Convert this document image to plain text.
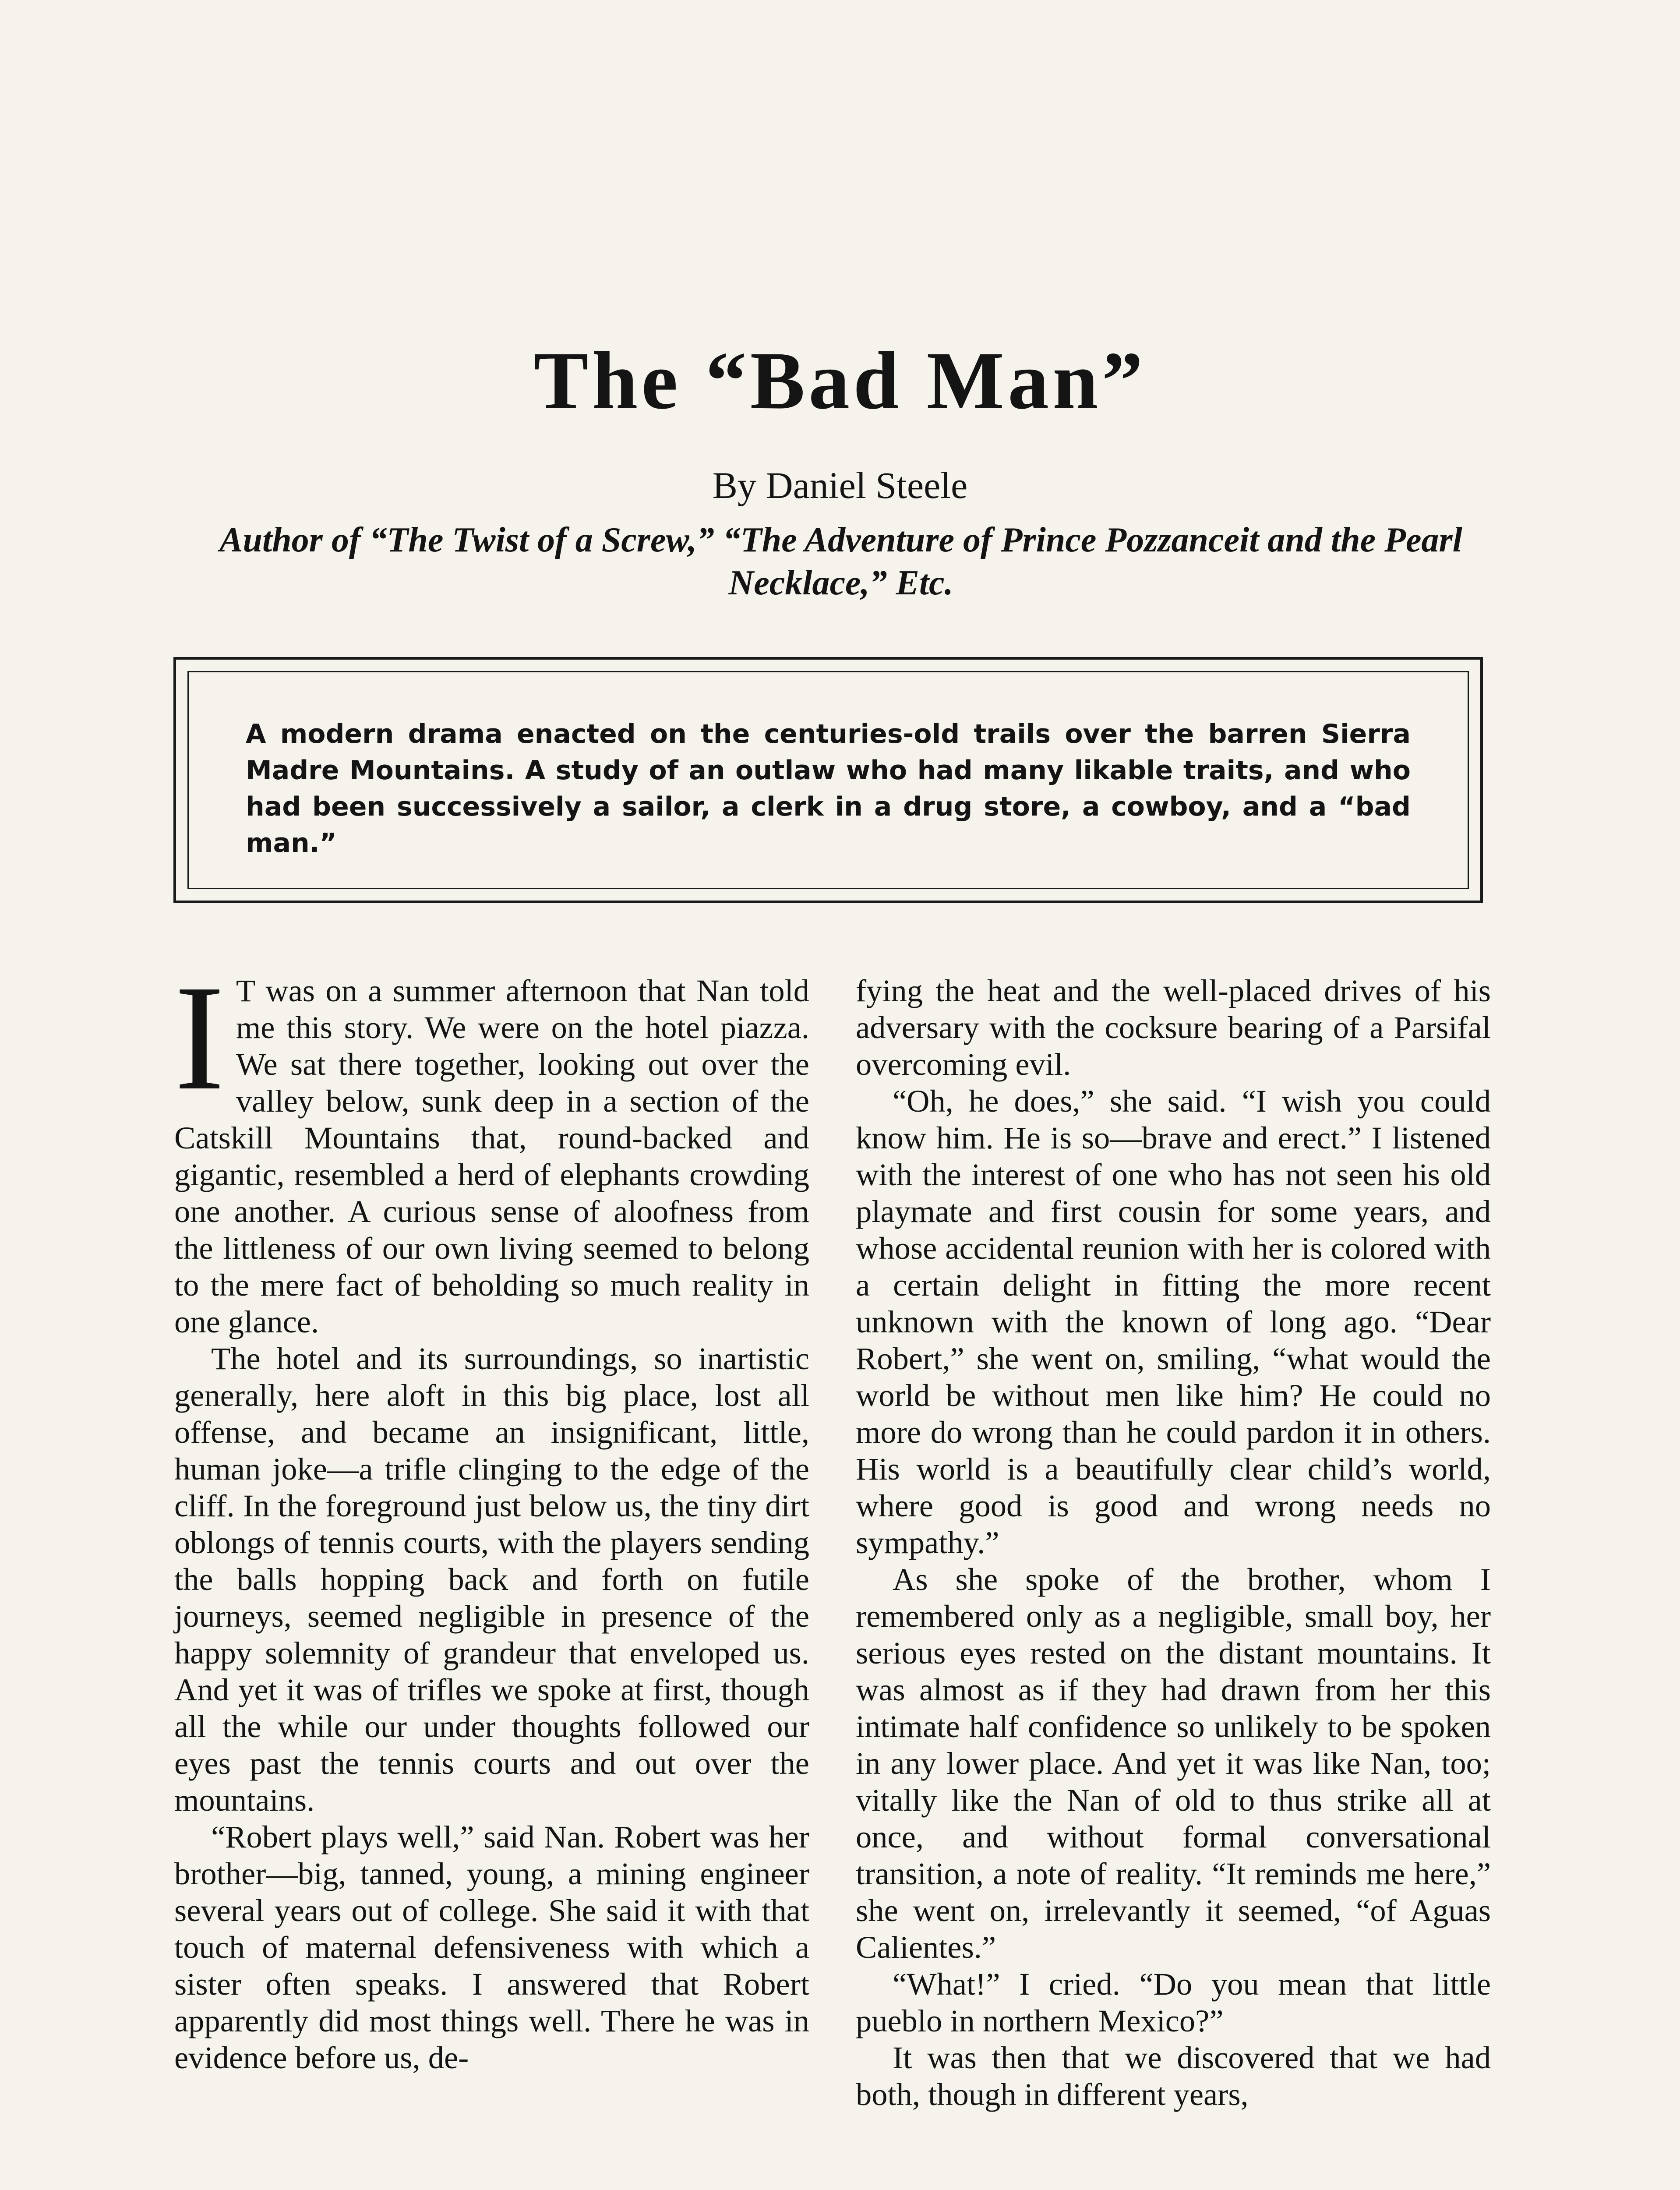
The “Bad Man”

By Daniel Steele

Author of “The Twist of a Screw,” “The Adventure of Prince Pozzanceit and the Pearl Necklace,” Etc.

A modern drama enacted on the centuries-old trails over the barren Sierra Madre Mountains. A study of an outlaw who had many likable traits, and who had been successively a sailor, a clerk in a drug store, a cowboy, and a “bad man.”

I T was on a summer afternoon that Nan told me this story. We were on the hotel piazza. We sat there together, looking out over the valley below, sunk deep in a section of the Catskill Mountains that, round-backed and gigantic, resembled a herd of elephants crowding one another. A curious sense of aloofness from the littleness of our own living seemed to belong to the mere fact of beholding so much reality in one glance.

The hotel and its surroundings, so inartistic generally, here aloft in this big place, lost all offense, and became an insignificant, little, human joke—a trifle clinging to the edge of the cliff. In the foreground just below us, the tiny dirt oblongs of tennis courts, with the players sending the balls hopping back and forth on futile journeys, seemed negligible in presence of the happy solemnity of grandeur that enveloped us. And yet it was of trifles we spoke at first, though all the while our under thoughts followed our eyes past the tennis courts and out over the mountains.

“Robert plays well,” said Nan. Robert was her brother—big, tanned, young, a mining engineer several years out of college. She said it with that touch of maternal defensiveness with which a sister often speaks. I answered that Robert apparently did most things well. There he was in evidence before us, de-

fying the heat and the well-placed drives of his adversary with the cocksure bearing of a Parsifal overcoming evil.

“Oh, he does,” she said. “I wish you could know him. He is so—brave and erect.” I listened with the interest of one who has not seen his old playmate and first cousin for some years, and whose accidental reunion with her is colored with a certain delight in fitting the more recent unknown with the known of long ago. “Dear Robert,” she went on, smiling, “what would the world be without men like him? He could no more do wrong than he could pardon it in others. His world is a beautifully clear child’s world, where good is good and wrong needs no sympathy.”

As she spoke of the brother, whom I remembered only as a negligible, small boy, her serious eyes rested on the distant mountains. It was almost as if they had drawn from her this intimate half confidence so unlikely to be spoken in any lower place. And yet it was like Nan, too; vitally like the Nan of old to thus strike all at once, and without formal conversational transition, a note of reality. “It reminds me here,” she went on, irrelevantly it seemed, “of Aguas Calientes.”

“What!” I cried. “Do you mean that little pueblo in northern Mexico?”

It was then that we discovered that we had both, though in different years,
